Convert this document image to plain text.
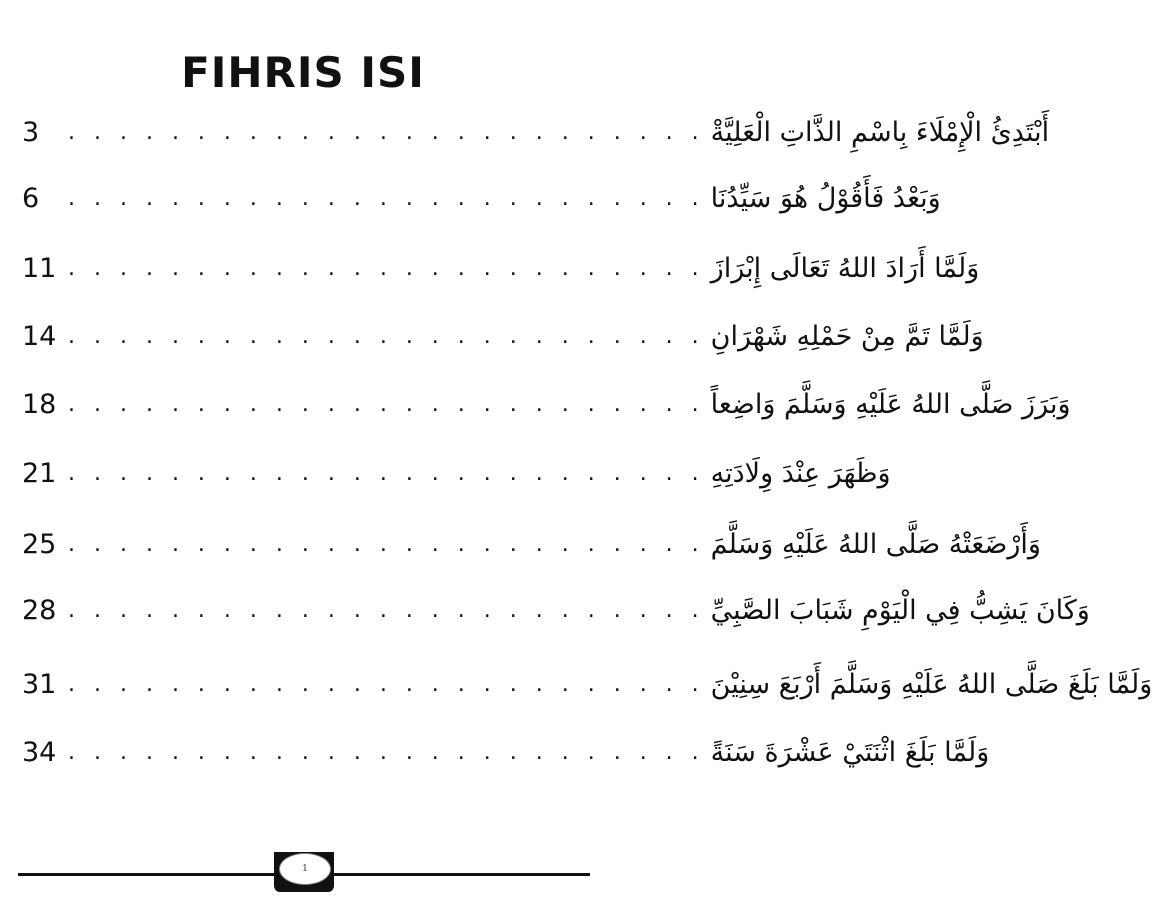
FIHRIS ISI
3	. . . . . . . . . . . . . . . . . . . . . . . . . أَبْتَدِئُ الْإِمْلَاءَ بِاسْمِ الذَّاتِ الْعَلِيَّةْ
6	. . . . . . . . . . . . . . . . . . . . . . . . . وَبَعْدُ فَأَقُوْلُ هُوَ سَيِّدُنَا
11 . . . . . . . . . . . . . . . . . . . . . . . . . وَلَمَّا أَرَادَ اللهُ تَعَالَى إِبْرَازَ
14 . . . . . . . . . . . . . . . . . . . . . . . . . وَلَمَّا تَمَّ مِنْ حَمْلِهِ شَهْرَانِ
18 . . . . . . . . . . . . . . . . . . . . . . . . . وَبَرَزَ صَلَّى اللهُ عَلَيْهِ وَسَلَّمَ وَاضِعاً
21 . . . . . . . . . . . . . . . . . . . . . . . . . وَظَهَرَ عِنْدَ وِلَادَتِهِ
25 . . . . . . . . . . . . . . . . . . . . . . . . . وَأَرْضَعَتْهُ صَلَّى اللهُ عَلَيْهِ وَسَلَّمَ
28 . . . . . . . . . . . . . . . . . . . . . . . . . وَكَانَ يَشِبُّ فِي الْيَوْمِ شَبَابَ الصَّبِيِّ
31 . . . . . . . . . . . . . . . . . . . . . . . . . وَلَمَّا بَلَغَ صَلَّى اللهُ عَلَيْهِ وَسَلَّمَ أَرْبَعَ سِنِيْنَ
34 . . . . . . . . . . . . . . . . . . . . . . . . . وَلَمَّا بَلَغَ اثْنَتَيْ عَشْرَةَ سَنَةً
1
